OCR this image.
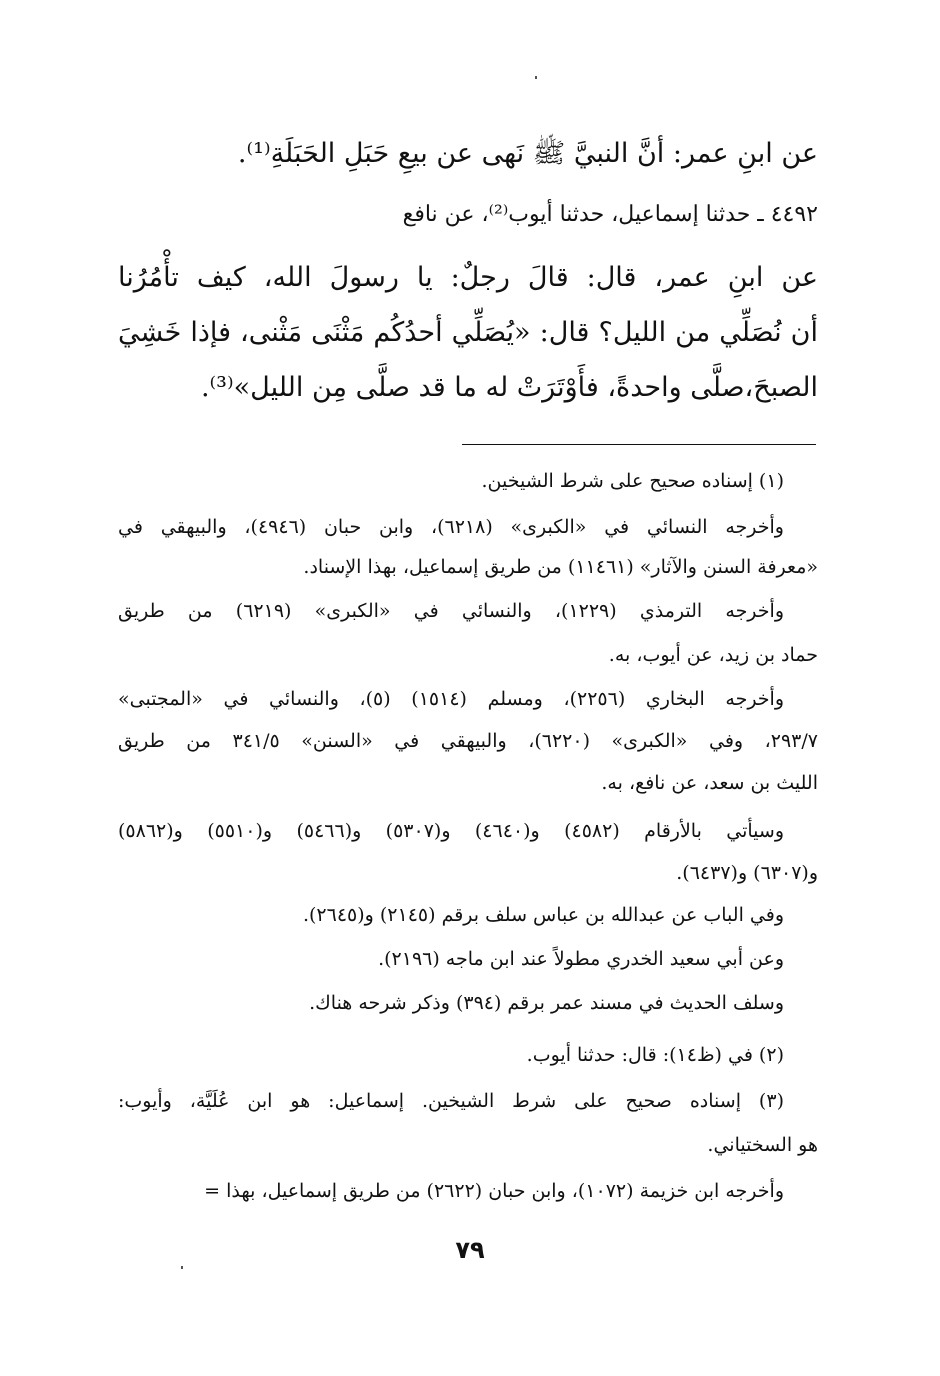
عن ابنِ عمر: أنَّ النبيَّ ﷺ نَهى عن بيعِ حَبَلِ الحَبَلَةِ⁽¹⁾.
٤٤٩٢ ـ حدثنا إسماعيل، حدثنا أيوب⁽²⁾، عن نافع
عن ابنِ عمر، قال: قالَ رجلٌ: يا رسولَ الله، كيف تأْمُرُنا
أن نُصَلِّي من الليل؟ قال: «يُصَلِّي أحدُكُم مَثْنَى مَثْنى، فإذا خَشِيَ
الصبحَ،صلَّى واحدةً، فأَوْتَرَتْ له ما قد صلَّى مِن الليل»⁽³⁾.
(١) إسناده صحيح على شرط الشيخين.
وأخرجه النسائي في «الكبرى» (٦٢١٨)، وابن حبان (٤٩٤٦)، والبيهقي في
«معرفة السنن والآثار» (١١٤٦١) من طريق إسماعيل، بهذا الإسناد.
وأخرجه الترمذي (١٢٢٩)، والنسائي في «الكبرى» (٦٢١٩) من طريق
حماد بن زيد، عن أيوب، به.
وأخرجه البخاري (٢٢٥٦)، ومسلم (١٥١٤) (٥)، والنسائي في «المجتبى»
٢٩٣/٧، وفي «الكبرى» (٦٢٢٠)، والبيهقي في «السنن» ٣٤١/٥ من طريق
الليث بن سعد، عن نافع، به.
وسيأتي بالأرقام (٤٥٨٢) و(٤٦٤٠) و(٥٣٠٧) و(٥٤٦٦) و(٥٥١٠) و(٥٨٦٢)
و(٦٣٠٧) و(٦٤٣٧).
وفي الباب عن عبدالله بن عباس سلف برقم (٢١٤٥) و(٢٦٤٥).
وعن أبي سعيد الخدري مطولاً عند ابن ماجه (٢١٩٦).
وسلف الحديث في مسند عمر برقم (٣٩٤) وذكر شرحه هناك.
(٢) في (ظ١٤): قال: حدثنا أيوب.
(٣) إسناده صحيح على شرط الشيخين. إسماعيل: هو ابن عُلَيَّة، وأيوب:
هو السختياني.
وأخرجه ابن خزيمة (١٠٧٢)، وابن حبان (٢٦٢٢) من طريق إسماعيل، بهذا =
٧٩
